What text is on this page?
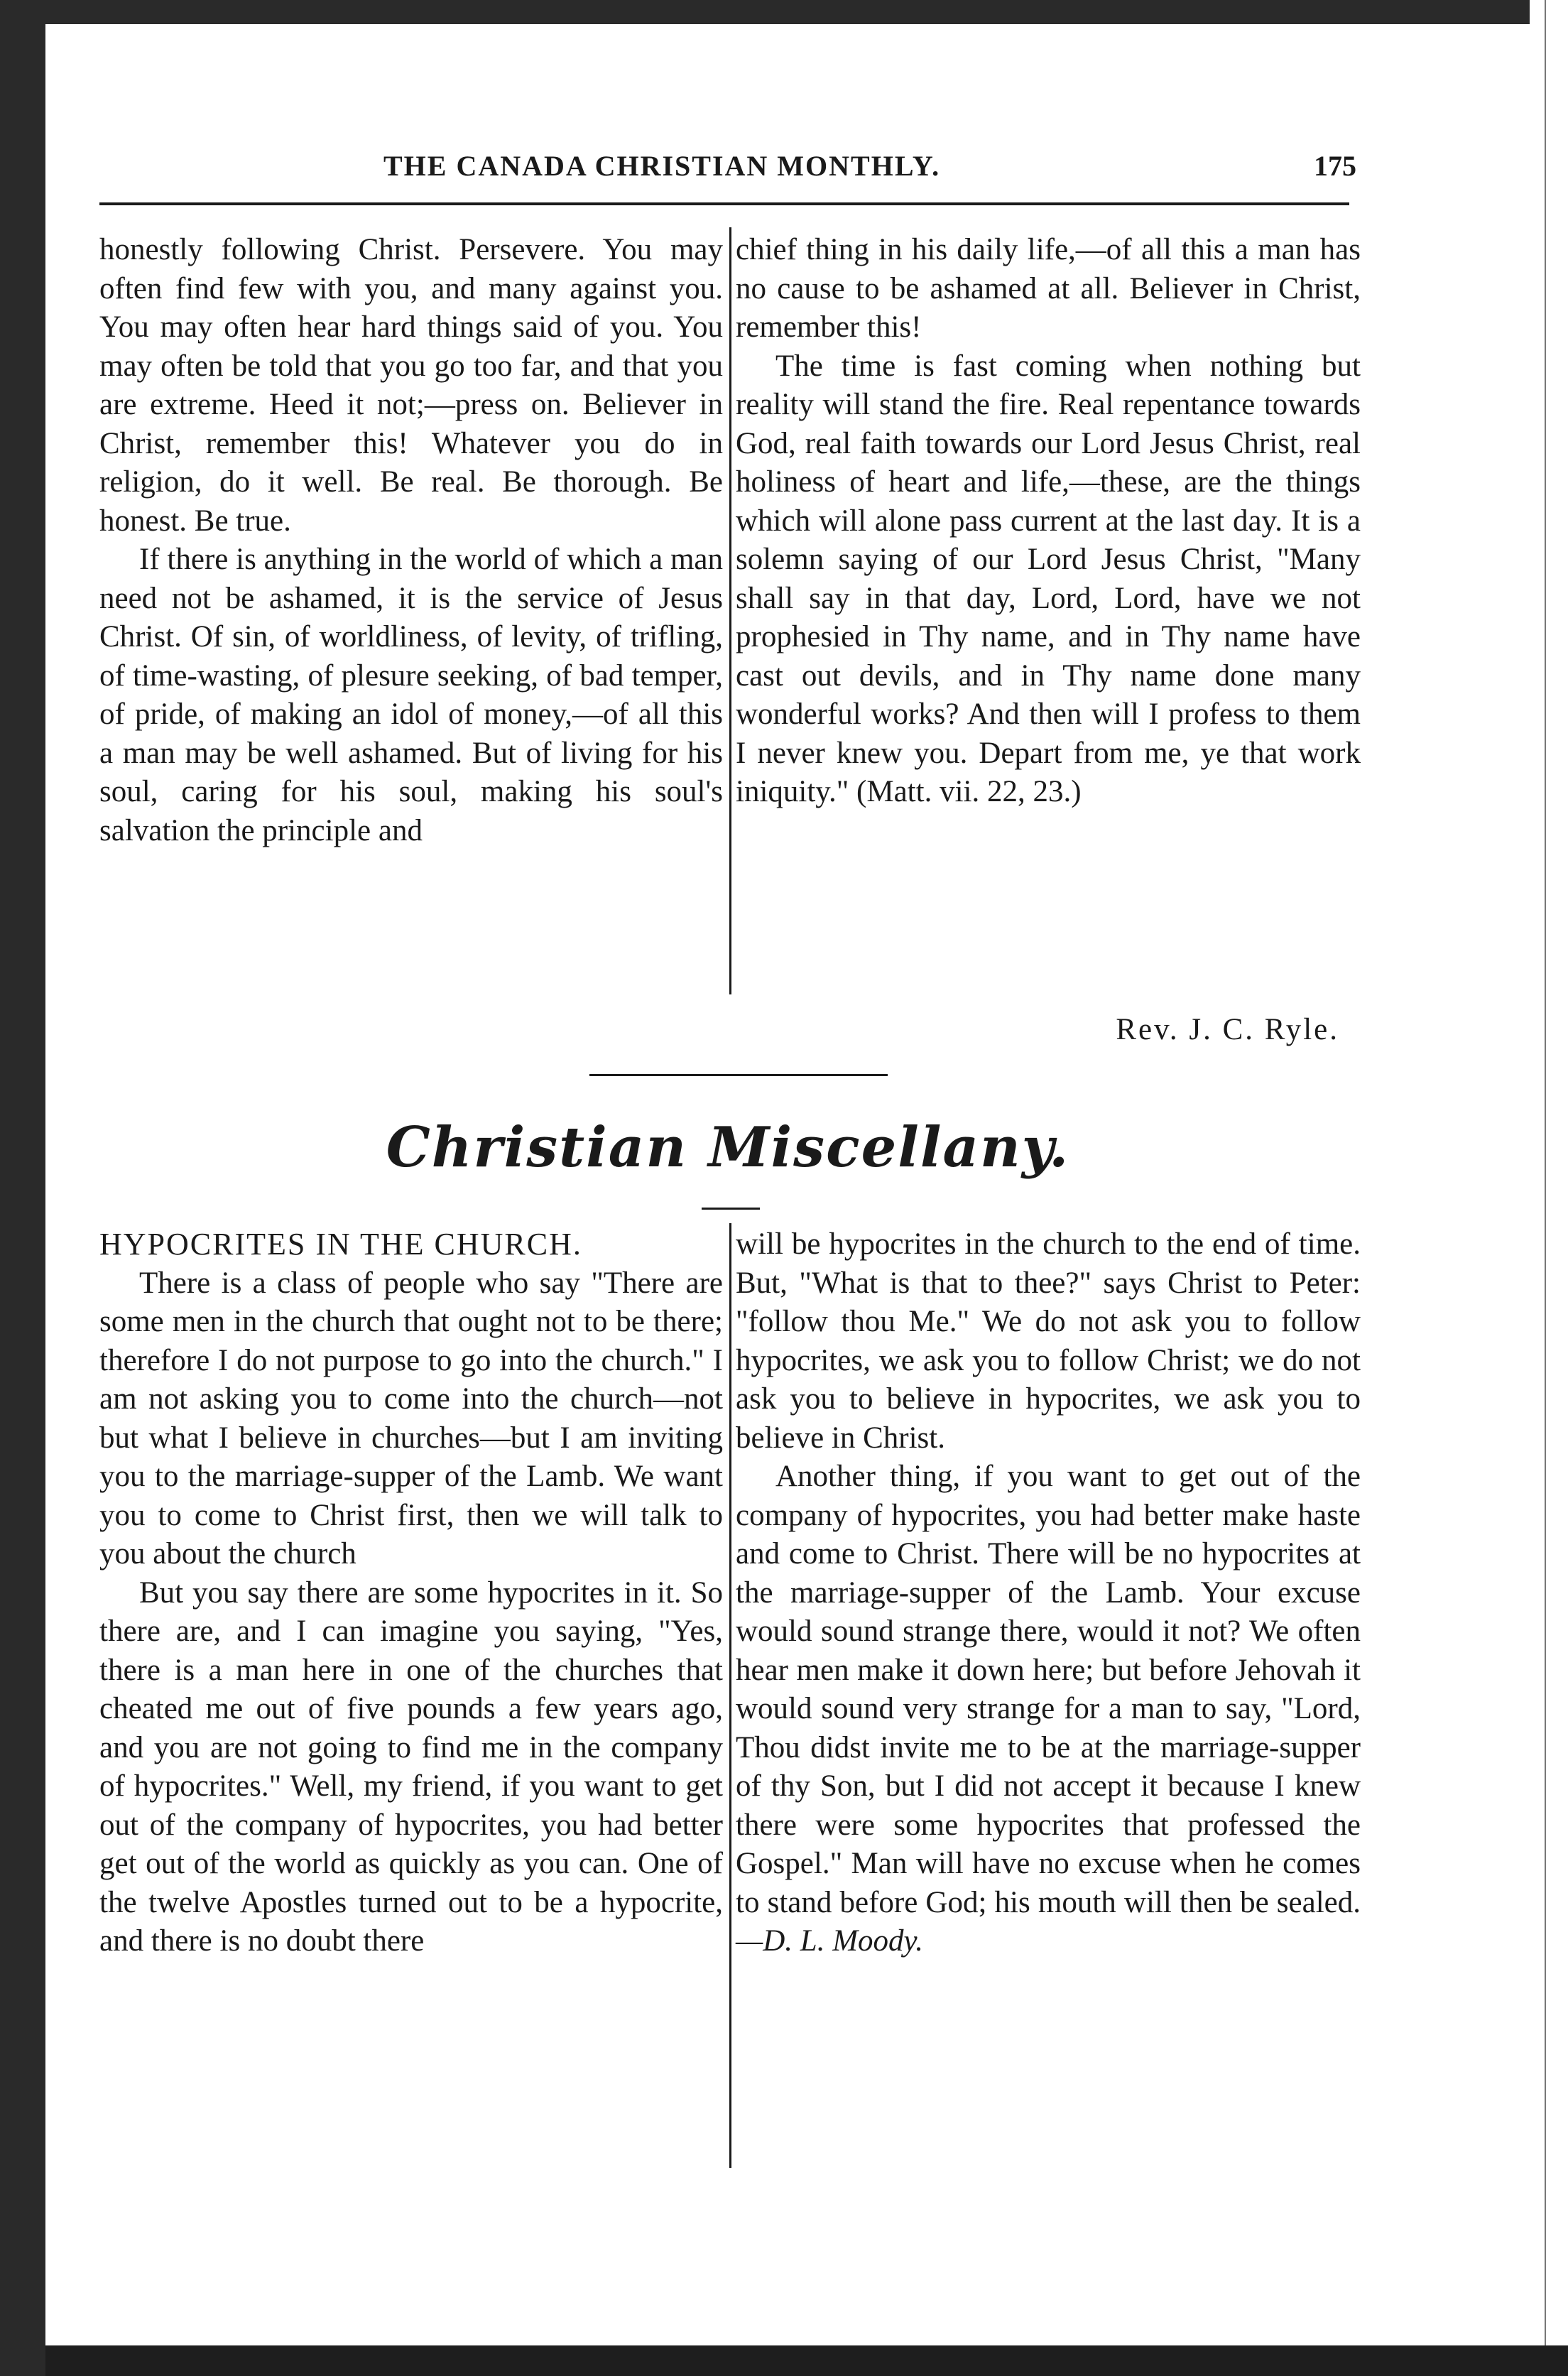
THE CANADA CHRISTIAN MONTHLY.	175

honestly following Christ. Persevere. You may often find few with you, and many against you. You may often hear hard things said of you. You may often be told that you go too far, and that you are extreme. Heed it not;—press on. Believer in Christ, remember this! Whatever you do in religion, do it well. Be real. Be thorough. Be honest. Be true.

If there is anything in the world of which a man need not be ashamed, it is the service of Jesus Christ. Of sin, of worldliness, of levity, of trifling, of time-wasting, of plesure seeking, of bad temper, of pride, of making an idol of money,—of all this a man may be well ashamed. But of living for his soul, caring for his soul, making his soul's salvation the principle and

chief thing in his daily life,—of all this a man has no cause to be ashamed at all. Believer in Christ, remember this!

The time is fast coming when nothing but reality will stand the fire. Real repentance towards God, real faith towards our Lord Jesus Christ, real holiness of heart and life,—these, are the things which will alone pass current at the last day. It is a solemn saying of our Lord Jesus Christ, "Many shall say in that day, Lord, Lord, have we not prophesied in Thy name, and in Thy name have cast out devils, and in Thy name done many wonderful works? And then will I profess to them I never knew you. Depart from me, ye that work iniquity." (Matt. vii. 22, 23.)

Rev. J. C. Ryle.
Christian Miscellany.

HYPOCRITES IN THE CHURCH.

There is a class of people who say "There are some men in the church that ought not to be there; therefore I do not purpose to go into the church." I am not asking you to come into the church—not but what I believe in churches—but I am inviting you to the marriage-supper of the Lamb. We want you to come to Christ first, then we will talk to you about the church

But you say there are some hypocrites in it. So there are, and I can imagine you saying, "Yes, there is a man here in one of the churches that cheated me out of five pounds a few years ago, and you are not going to find me in the company of hypocrites." Well, my friend, if you want to get out of the company of hypocrites, you had better get out of the world as quickly as you can. One of the twelve Apostles turned out to be a hypocrite, and there is no doubt there

will be hypocrites in the church to the end of time. But, "What is that to thee?" says Christ to Peter: "follow thou Me." We do not ask you to follow hypocrites, we ask you to follow Christ; we do not ask you to believe in hypocrites, we ask you to believe in Christ.

Another thing, if you want to get out of the company of hypocrites, you had better make haste and come to Christ. There will be no hypocrites at the marriage-supper of the Lamb. Your excuse would sound strange there, would it not? We often hear men make it down here; but before Jehovah it would sound very strange for a man to say, "Lord, Thou didst invite me to be at the marriage-supper of thy Son, but I did not accept it because I knew there were some hypocrites that professed the Gospel." Man will have no excuse when he comes to stand before God; his mouth will then be sealed.—D. L. Moody.
